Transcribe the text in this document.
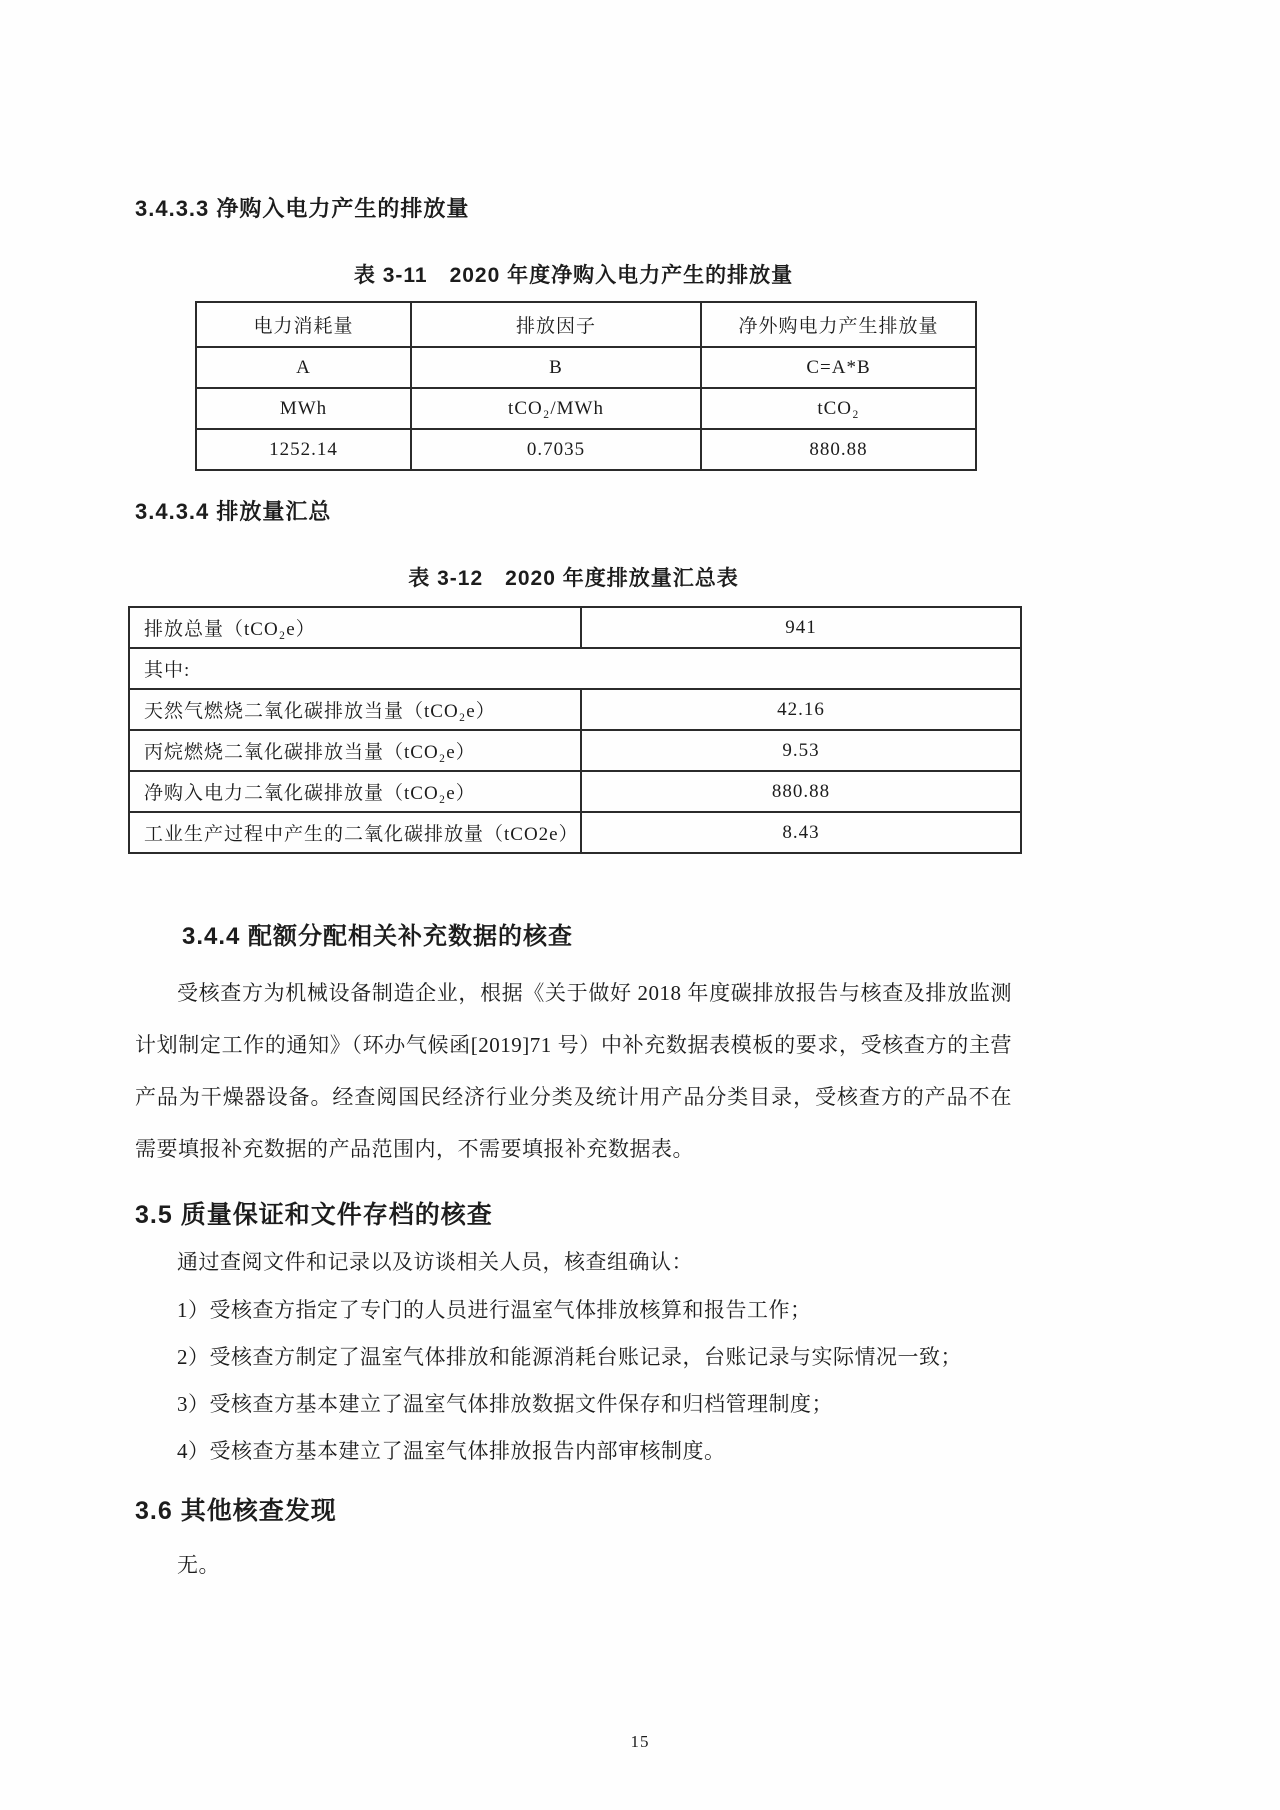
3.4.3.3 净购入电力产生的排放量
表 3-11 2020 年度净购入电力产生的排放量
电力消耗量	排放因子	净外购电力产生排放量
A	B	C=A*B
MWh	tCO₂/MWh	tCO₂
1252.14	0.7035	880.88
3.4.3.4 排放量汇总
表 3-12 2020 年度排放量汇总表
排放总量（tCO₂e）	941
其中:	
天然气燃烧二氧化碳排放当量（tCO₂e）	42.16
丙烷燃烧二氧化碳排放当量（tCO₂e）	9.53
净购入电力二氧化碳排放量（tCO₂e）	880.88
工业生产过程中产生的二氧化碳排放量（tCO2e）	8.43
3.4.4 配额分配相关补充数据的核查
受核查方为机械设备制造企业，根据《关于做好 2018 年度碳排放报告与核查及排放监测计划制定工作的通知》（环办气候函[2019]71 号）中补充数据表模板的要求，受核查方的主营产品为干燥器设备。经查阅国民经济行业分类及统计用产品分类目录，受核查方的产品不在需要填报补充数据的产品范围内，不需要填报补充数据表。
3.5 质量保证和文件存档的核查
通过查阅文件和记录以及访谈相关人员，核查组确认：
1）受核查方指定了专门的人员进行温室气体排放核算和报告工作；
2）受核查方制定了温室气体排放和能源消耗台账记录，台账记录与实际情况一致；
3）受核查方基本建立了温室气体排放数据文件保存和归档管理制度；
4）受核查方基本建立了温室气体排放报告内部审核制度。
3.6 其他核查发现
无。
15
